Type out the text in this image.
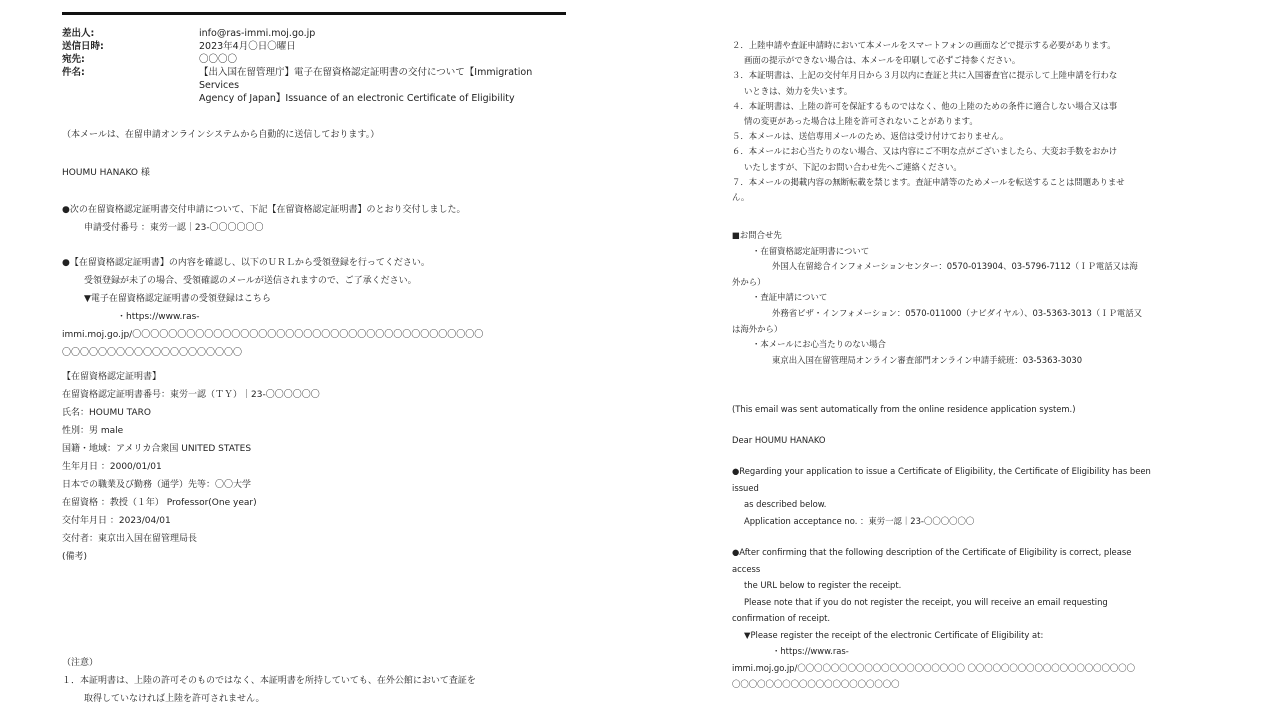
差出人:	info@ras-immi.moj.go.jp
送信日時:	2023年4月〇日〇曜日
宛先:	〇〇〇〇
件名:	【出入国在留管理庁】電子在留資格認定証明書の交付について【Immigration Services
Agency of Japan】Issuance of an electronic Certificate of Eligibility
（本メールは、在留申請オンラインシステムから自動的に送信しております。）
HOUMU HANAKO 様
●次の在留資格認定証明書交付申請について、下記【在留資格認定証明書】のとおり交付しました。
申請受付番号 ：東労一認｜23-〇〇〇〇〇〇
●【在留資格認定証明書】の内容を確認し、以下のＵＲＬから受領登録を行ってください。
受領登録が未了の場合、受領確認のメールが送信されますので、ご了承ください。
▼電子在留資格認定証明書の受領登録はこちら
・https://www.ras-
immi.moj.go.jp/〇〇〇〇〇〇〇〇〇〇〇〇〇〇〇〇〇〇〇〇〇〇〇〇〇〇〇〇〇〇〇〇〇〇〇〇〇〇〇
〇〇〇〇〇〇〇〇〇〇〇〇〇〇〇〇〇〇〇〇
【在留資格認定証明書】
在留資格認定証明書番号：東労一認（ＴＹ）｜23-〇〇〇〇〇〇
氏名：HOUMU TARO
性別：男 male
国籍・地域：アメリカ合衆国 UNITED STATES
生年月日 ：2000/01/01
日本での職業及び勤務（通学）先等：〇〇大学
在留資格 ：教授（１年） Professor(One year)
交付年月日 ：2023/04/01
交付者：東京出入国在留管理局長
(備考)
（注意）
１．本証明書は、上陸の許可そのものではなく、本証明書を所持していても、在外公館において査証を
取得していなければ上陸を許可されません。
２．上陸申請や査証申請時において本メールをスマートフォンの画面などで提示する必要があります。
画面の提示ができない場合は、本メールを印刷して必ずご持参ください。
３．本証明書は、上記の交付年月日から３月以内に査証と共に入国審査官に提示して上陸申請を行わな
いときは、効力を失います。
４．本証明書は、上陸の許可を保証するものではなく、他の上陸のための条件に適合しない場合又は事
情の変更があった場合は上陸を許可されないことがあります。
５．本メールは、送信専用メールのため、返信は受け付けておりません。
６．本メールにお心当たりのない場合、又は内容にご不明な点がございましたら、大変お手数をおかけ
いたしますが、下記のお問い合わせ先へご連絡ください。
７．本メールの掲載内容の無断転載を禁じます。査証申請等のためメールを転送することは問題ありませ
ん。
■お問合せ先
・在留資格認定証明書について
外国人在留総合インフォメーションセンター：0570-013904、03-5796-7112（ＩＰ電話又は海
外から）
・査証申請について
外務省ビザ・インフォメーション：0570-011000（ナビダイヤル）、03-5363-3013（ＩＰ電話又
は海外から）
・本メールにお心当たりのない場合
東京出入国在留管理局オンライン審査部門オンライン申請手続班：03-5363-3030
(This email was sent automatically from the online residence application system.)
Dear HOUMU HANAKO
●Regarding your application to issue a Certificate of Eligibility, the Certificate of Eligibility has been
issued
as described below.
Application acceptance no. ：東労一認｜23-〇〇〇〇〇〇
●After confirming that the following description of the Certificate of Eligibility is correct, please
access
the URL below to register the receipt.
Please note that if you do not register the receipt, you will receive an email requesting
confirmation of receipt.
▼Please register the receipt of the electronic Certificate of Eligibility at:
・https://www.ras-
immi.moj.go.jp/〇〇〇〇〇〇〇〇〇〇〇〇〇〇〇〇〇〇〇〇 〇〇〇〇〇〇〇〇〇〇〇〇〇〇〇〇〇〇〇〇
〇〇〇〇〇〇〇〇〇〇〇〇〇〇〇〇〇〇〇〇
